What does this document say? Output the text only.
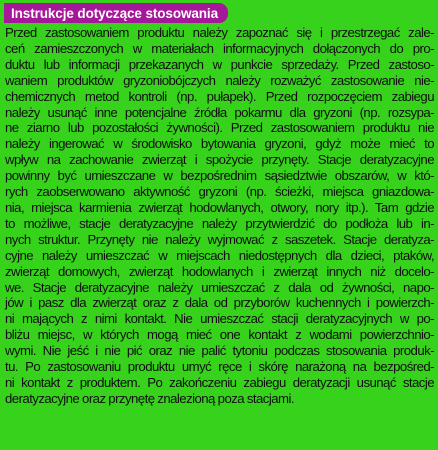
Instrukcje dotyczące stosowania

Przed zastosowaniem produktu należy zapoznać się i przestrzegać zale-
ceń zamieszczonych w materiałach informacyjnych dołączonych do pro-
duktu lub informacji przekazanych w punkcie sprzedaży. Przed zastoso-
waniem produktów gryzoniobójczych należy rozważyć zastosowanie nie-
chemicznych metod kontroli (np. pułapek). Przed rozpoczęciem zabiegu
należy usunąć inne potencjalne źródła pokarmu dla gryzoni (np. rozsypa-
ne ziarno lub pozostałości żywności). Przed zastosowaniem produktu nie
należy ingerować w środowisko bytowania gryzoni, gdyż może mieć to
wpływ na zachowanie zwierząt i spożycie przynęty. Stacje deratyzacyjne
powinny być umieszczane w bezpośrednim sąsiedztwie obszarów, w któ-
rych zaobserwowano aktywność gryzoni (np. ścieżki, miejsca gniazdowa-
nia, miejsca karmienia zwierząt hodowlanych, otwory, nory itp.). Tam gdzie
to możliwe, stacje deratyzacyjne należy przytwierdzić do podłoża lub in-
nych struktur. Przynęty nie należy wyjmować z saszetek. Stacje deratyza-
cyjne należy umieszczać w miejscach niedostępnych dla dzieci, ptaków,
zwierząt domowych, zwierząt hodowlanych i zwierząt innych niż docelo-
we. Stacje deratyzacyjne należy umieszczać z dala od żywności, napo-
jów i pasz dla zwierząt oraz z dala od przyborów kuchennych i powierzch-
ni mających z nimi kontakt. Nie umieszczać stacji deratyzacyjnych w po-
bliżu miejsc, w których mogą mieć one kontakt z wodami powierzchnio-
wymi. Nie jeść i nie pić oraz nie palić tytoniu podczas stosowania produk-
tu. Po zastosowaniu produktu umyć ręce i skórę narażoną na bezpośred-
ni kontakt z produktem. Po zakończeniu zabiegu deratyzacji usunąć stacje
deratyzacyjne oraz przynętę znalezioną poza stacjami.
